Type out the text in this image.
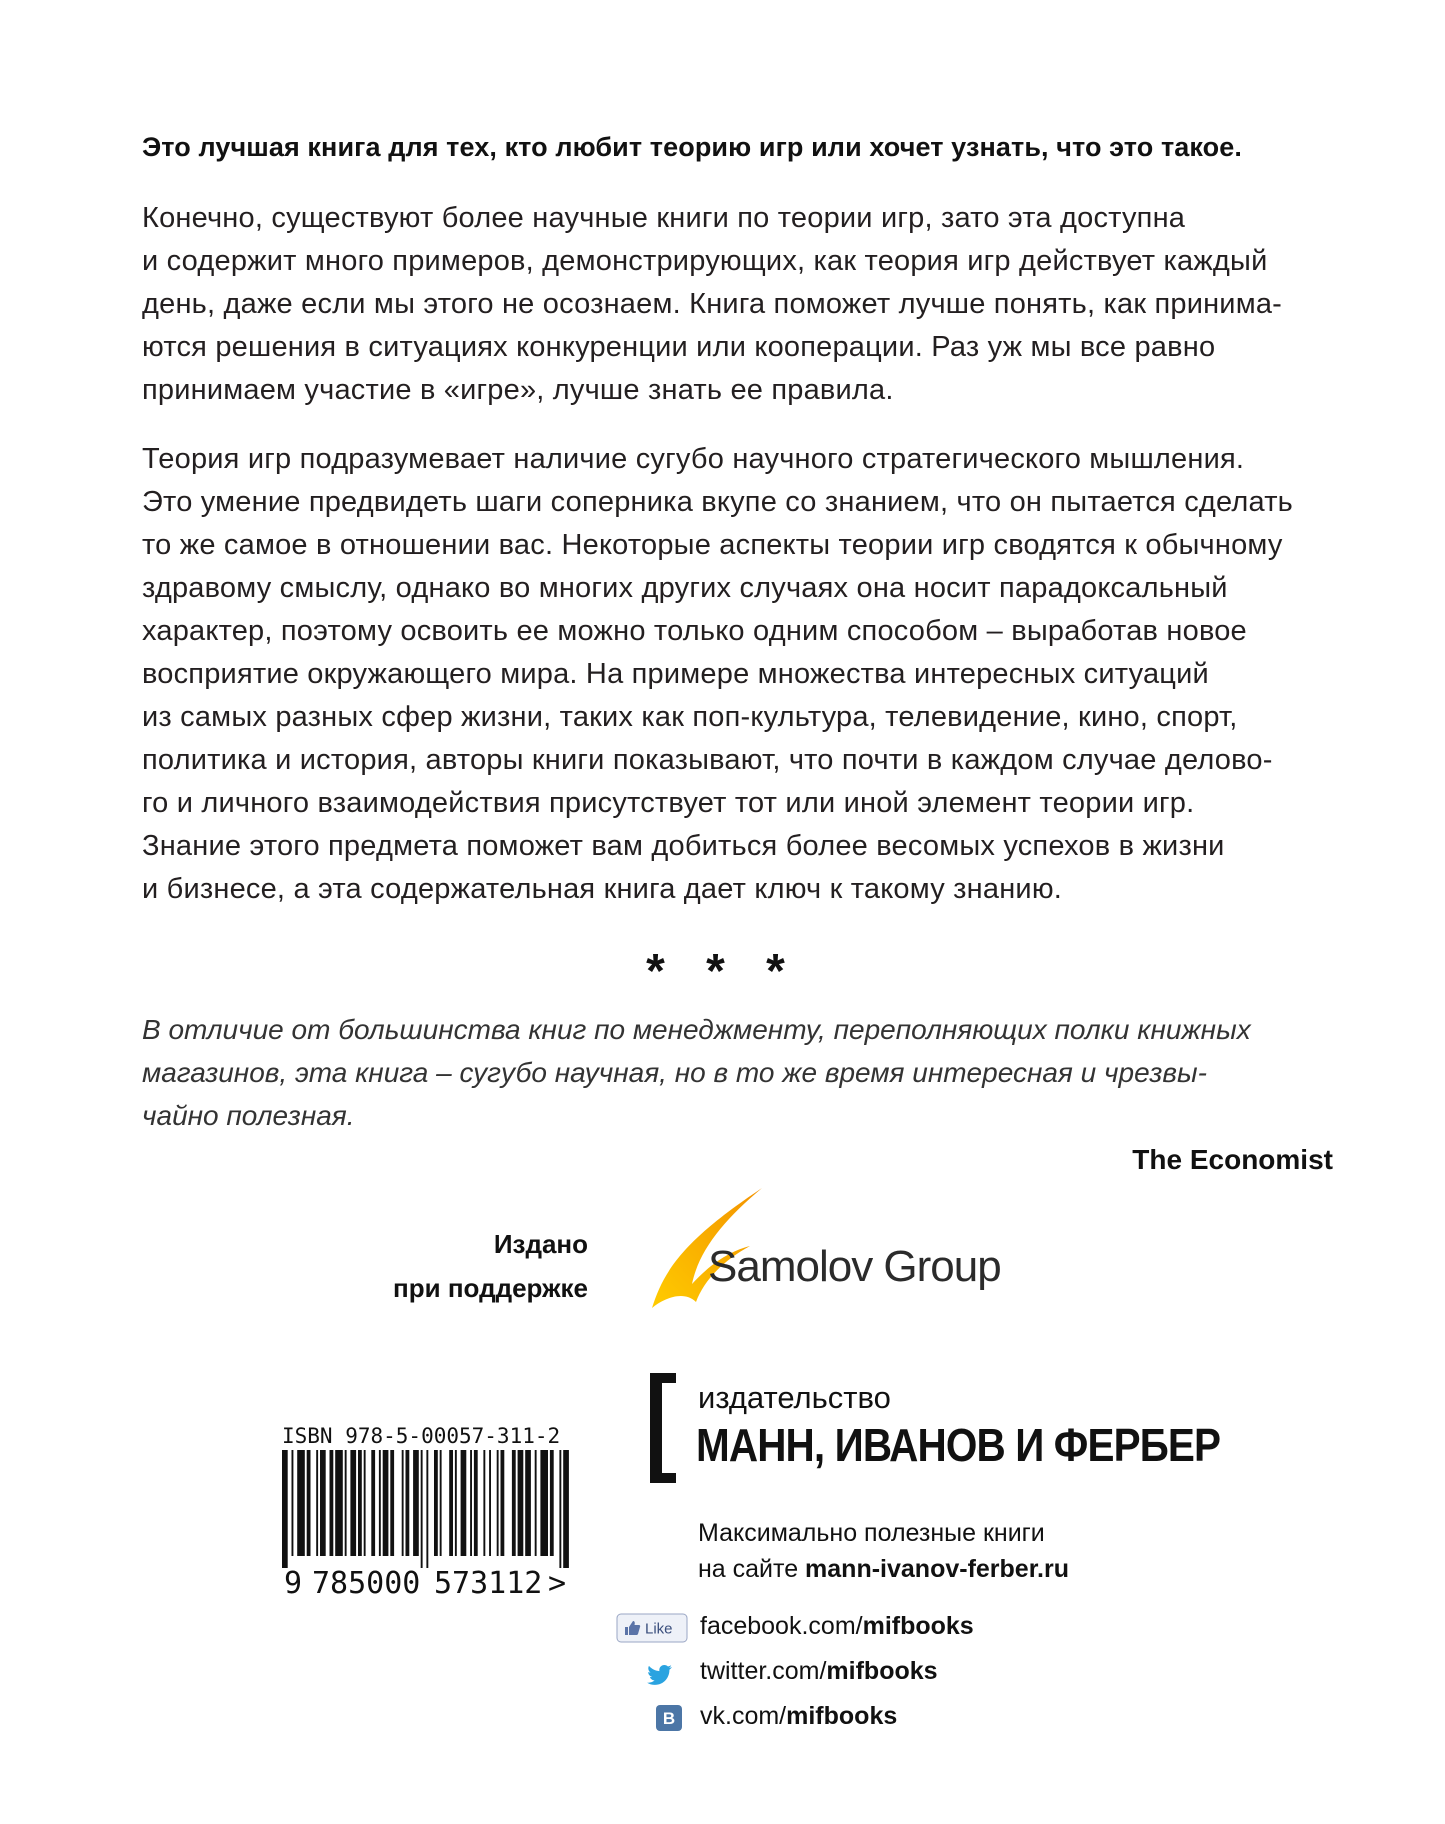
Это лучшая книга для тех, кто любит теорию игр или хочет узнать, что это такое.
Конечно, существуют более научные книги по теории игр, зато эта доступна
и содержит много примеров, демонстрирующих, как теория игр действует каждый
день, даже если мы этого не осознаем. Книга поможет лучше понять, как принима-
ются решения в ситуациях конкуренции или кооперации. Раз уж мы все равно
принимаем участие в «игре», лучше знать ее правила.
Теория игр подразумевает наличие сугубо научного стратегического мышления.
Это умение предвидеть шаги соперника вкупе со знанием, что он пытается сделать
то же самое в отношении вас. Некоторые аспекты теории игр сводятся к обычному
здравому смыслу, однако во многих других случаях она носит парадоксальный
характер, поэтому освоить ее можно только одним способом – выработав новое
восприятие окружающего мира. На примере множества интересных ситуаций
из самых разных сфер жизни, таких как поп-культура, телевидение, кино, спорт,
политика и история, авторы книги показывают, что почти в каждом случае делово-
го и личного взаимодействия присутствует тот или иной элемент теории игр.
Знание этого предмета поможет вам добиться более весомых успехов в жизни
и бизнесе, а эта содержательная книга дает ключ к такому знанию.
* * *
В отличие от большинства книг по менеджменту, переполняющих полки книжных
магазинов, эта книга – сугубо научная, но в то же время интересная и чрезвы-
чайно полезная.
The Economist
Издано
при поддержке	Samolov Group
ISBN 978-5-00057-311-2
9 785000 573112 >
издательство
МАНН, ИВАНОВ И ФЕРБЕР
Максимально полезные книги
на сайте mann-ivanov-ferber.ru
Like facebook.com/mifbooks
twitter.com/mifbooks
В vk.com/mifbooks
